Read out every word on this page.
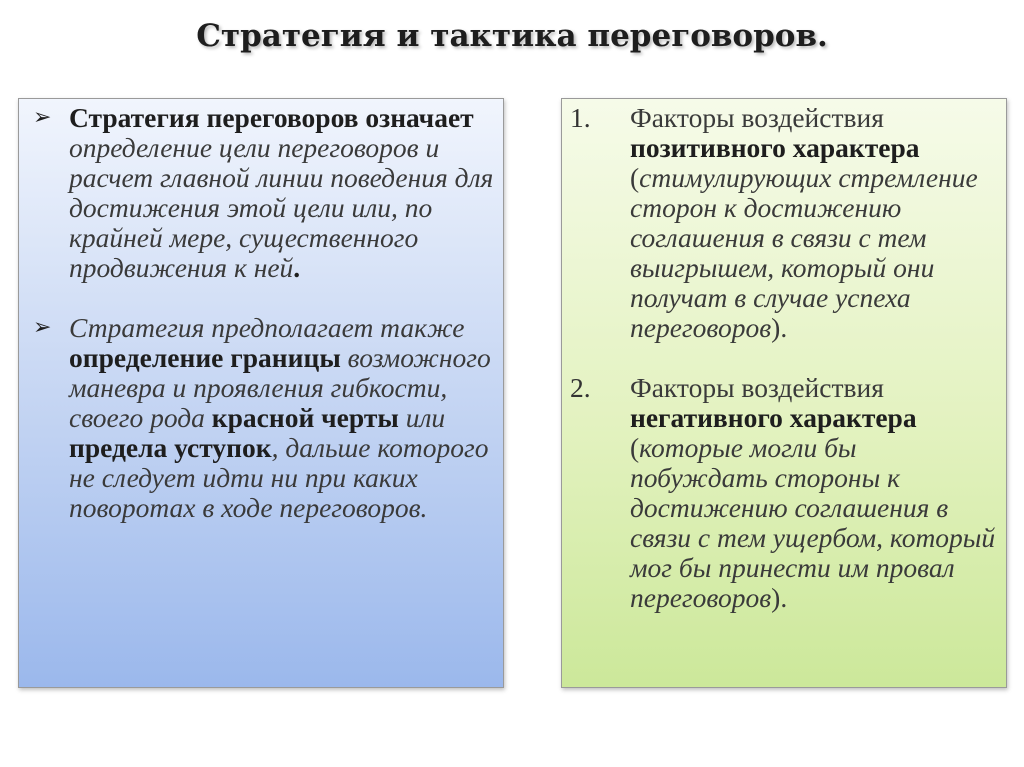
Стратегия и тактика переговоров.
➢ Стратегия переговоров означает определение цели переговоров и расчет главной линии поведения для достижения этой цели или, по крайней мере, существенного продвижения к ней.
➢ Стратегия предполагает также определение границы возможного маневра и проявления гибкости, своего рода красной черты или предела уступок, дальше которого не следует идти ни при каких поворотах в ходе переговоров.
1.	Факторы воздействия позитивного характера (стимулирующих стремление сторон к достижению соглашения в связи с тем выигрышем, который они получат в случае успеха переговоров).
2.	Факторы воздействия негативного характера (которые могли бы побуждать стороны к достижению соглашения в связи с тем ущербом, который мог бы принести им провал переговоров).
